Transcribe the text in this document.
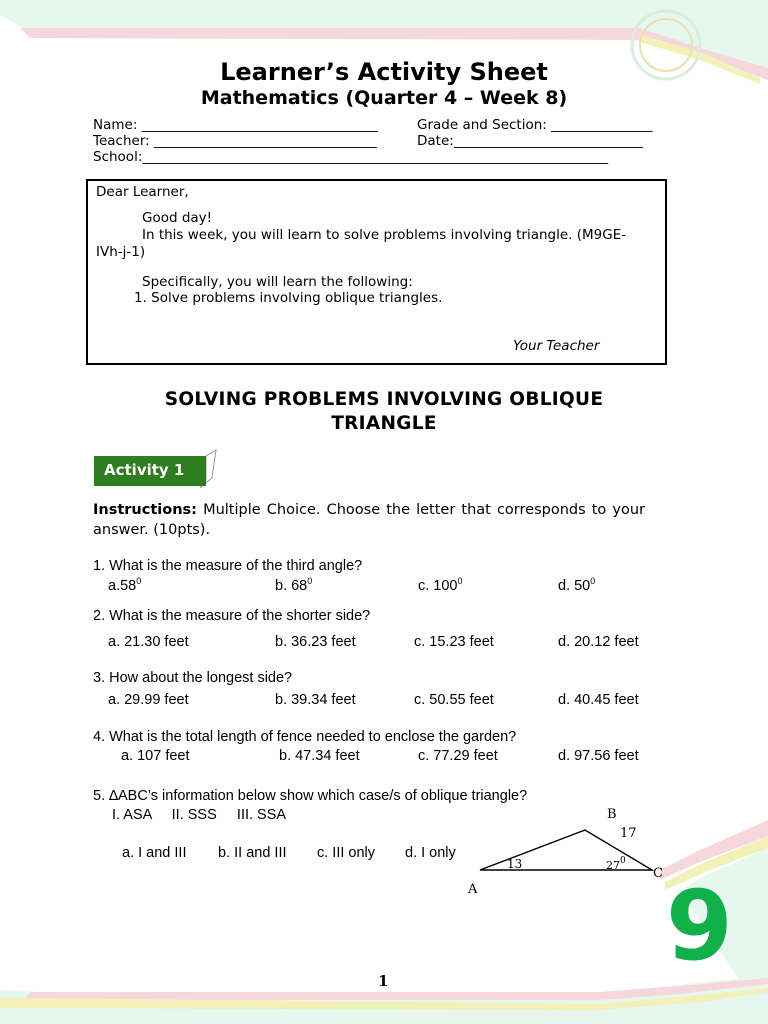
Learner’s Activity Sheet
Mathematics (Quarter 4 – Week 8)
Name: ___________________________________	Grade and Section: _______________
Teacher: _________________________________	Date:____________________________
School:_____________________________________________________________________

Dear Learner,

Good day!

In this week, you will learn to solve problems involving triangle. (M9GE-

IVh-j-1)

Specifically, you will learn the following:

1. Solve problems involving oblique triangles.

Your Teacher

SOLVING PROBLEMS INVOLVING OBLIQUE
TRIANGLE
Activity 1
Instructions: Multiple Choice. Choose the letter that corresponds to your answer. (10pts).
1. What is the measure of the third angle?
$a.58^0$	b. $68^0$	c. $100^0$	d. $50^0$
2. What is the measure of the shorter side?
a. 21.30 feet	b. 36.23 feet	c. 15.23 feet	d. 20.12 feet
3. How about the longest side?
a. 29.99 feet	b. 39.34 feet	c. 50.55 feet	d. 40.45 feet
4. What is the total length of fence needed to enclose the garden?
a. 107 feet	b. 47.34 feet	c. 77.29 feet	d. 97.56 feet
5. ∆ABC’s information below show which case/s of oblique triangle?
I. ASA     II. SSS     III. SSA
a. I and III b. II and III c. III only d. I only
B
A
C
17
13	$27^0$
9
1
